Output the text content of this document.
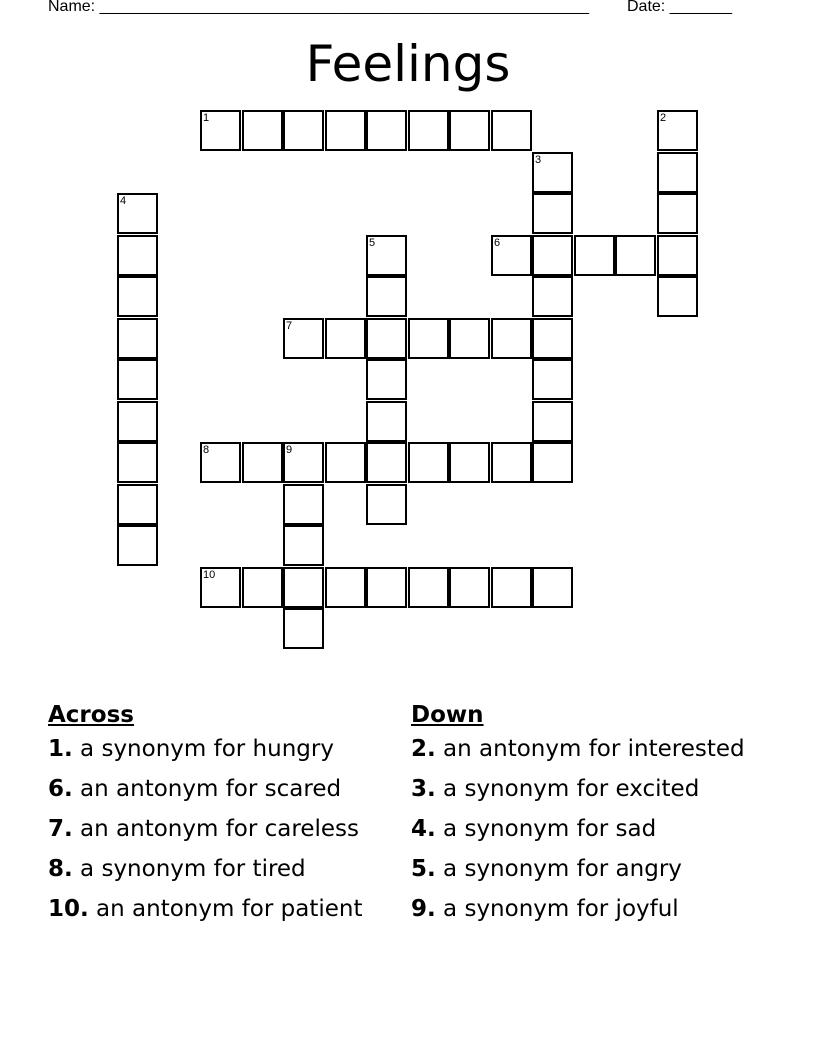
Name: _______________________________________________________ Date: _______
Feelings
1	2
3
4
5	6
7
8	9
10
Across
1. a synonym for hungry
6. an antonym for scared
7. an antonym for careless
8. a synonym for tired
10. an antonym for patient
Down
2. an antonym for interested
3. a synonym for excited
4. a synonym for sad
5. a synonym for angry
9. a synonym for joyful
